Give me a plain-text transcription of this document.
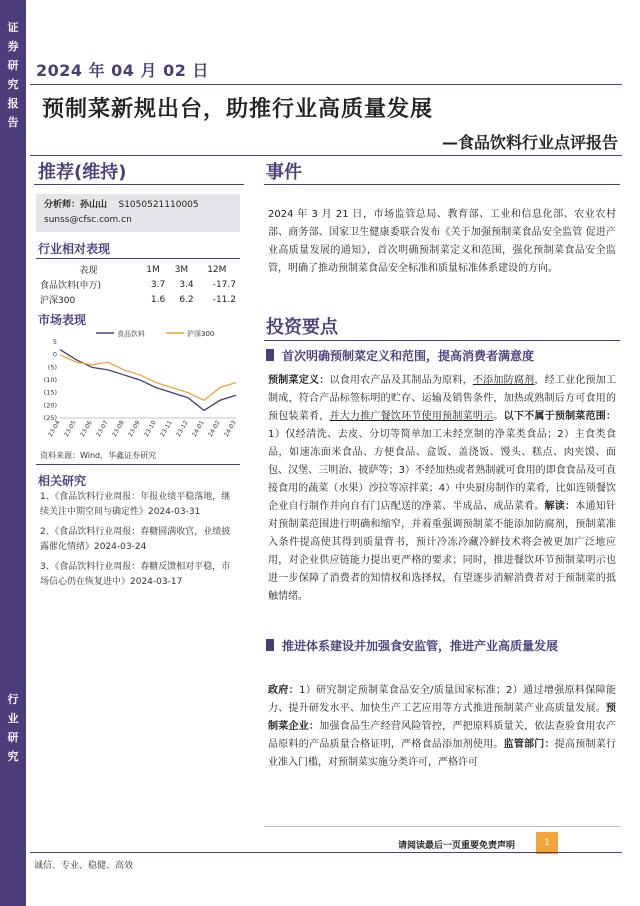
证
券
研
究
报
告
行
业
研
究
2024 年 04 月 02 日
预制菜新规出台，助推行业高质量发展
—食品饮料行业点评报告
推荐(维持)	事件
分析师：孙山山 S1050521110005
sunss@cfsc.com.cn
行业相对表现
表现	1M	3M	12M
食品饮料(申万)	3.7	3.4	-17.7
沪深300	1.6	6.2	-11.2
市场表现
食品饮料	沪深300
5
0
(5)
(10)
(15)
(20)
(25)
23-04 23-05 23-06 23-07 23-08 23-09 23-10 23-11 23-12 24-01 24-02 24-03
资料来源：Wind，华鑫证券研究
相关研究
1、《食品饮料行业周报：年报业绩平稳落地，继续关注中期空间与确定性》2024-03-31
2、《食品饮料行业周报：春糖圆满收官，业绩披露催化情绪》2024-03-24
3、《食品饮料行业周报：春糖反馈相对平稳，市场信心仍在恢复进中》2024-03-17
2024 年 3 月 21 日，市场监管总局、教育部、工业和信息化部、农业农村部、商务部、国家卫生健康委联合发布《关于加强预制菜食品安全监管 促进产业高质量发展的通知》，首次明确预制菜定义和范围，强化预制菜食品安全监管，明确了推动预制菜食品安全标准和质量标准体系建设的方向。
投资要点
首次明确预制菜定义和范围，提高消费者满意度
预制菜定义：以食用农产品及其制品为原料，不添加防腐剂，经工业化预加工制成，符合产品标签标明的贮存、运输及销售条件，加热或熟制后方可食用的预包装菜肴，并大力推广餐饮环节使用预制菜明示。以下不属于预制菜范围：1）仅经清洗、去皮、分切等简单加工未经烹制的净菜类食品；2）主食类食品，如速冻面米食品、方便食品、盒饭、盖浇饭、馒头、糕点、肉夹馍、面包、汉堡、三明治、披萨等；3）不经加热或者熟制就可食用的即食食品及可直接食用的蔬菜（水果）沙拉等凉拌菜；4）中央厨房制作的菜肴，比如连锁餐饮企业自行制作并向自有门店配送的净菜、半成品、成品菜肴。解读：本通知针对预制菜范围进行明确和缩窄，并着重强调预制菜不能添加防腐剂，预制菜准入条件提高使其得到质量背书，预计冷冻冷藏冷鲜技术将会被更加广泛地应用，对企业供应链能力提出更严格的要求；同时，推进餐饮环节预制菜明示也进一步保障了消费者的知情权和选择权，有望逐步消解消费者对于预制菜的抵触情绪。
推进体系建设并加强食安监管，推进产业高质量发展
政府：1）研究制定预制菜食品安全/质量国家标准；2）通过增强原料保障能力、提升研发水平、加快生产工艺应用等方式推进预制菜产业高质量发展。预制菜企业：加强食品生产经营风险管控，严把原料质量关，依法查验食用农产品原料的产品质量合格证明，严格食品添加剂使用。监管部门：提高预制菜行业准入门槛，对预制菜实施分类许可，严格许可
请阅读最后一页重要免责声明	1
诚信、专业、稳健、高效
